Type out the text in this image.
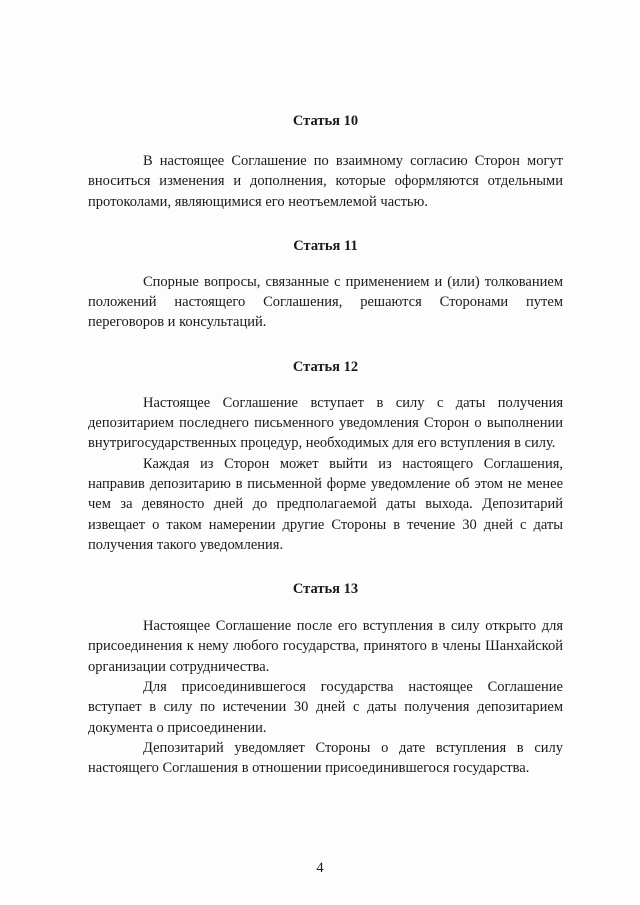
Статья 10

В настоящее Соглашение по взаимному согласию Сторон могут вноситься изменения и дополнения, которые оформляются отдельными протоколами, являющимися его неотъемлемой частью.

Статья 11

Спорные вопросы, связанные с применением и (или) толкованием положений настоящего Соглашения, решаются Сторонами путем переговоров и консультаций.

Статья 12

Настоящее Соглашение вступает в силу с даты получения депозитарием последнего письменного уведомления Сторон о выполнении внутригосударственных процедур, необходимых для его вступления в силу.

Каждая из Сторон может выйти из настоящего Соглашения, направив депозитарию в письменной форме уведомление об этом не менее чем за девяносто дней до предполагаемой даты выхода. Депозитарий извещает о таком намерении другие Стороны в течение 30 дней с даты получения такого уведомления.

Статья 13

Настоящее Соглашение после его вступления в силу открыто для присоединения к нему любого государства, принятого в члены Шанхайской организации сотрудничества.

Для присоединившегося государства настоящее Соглашение вступает в силу по истечении 30 дней с даты получения депозитарием документа о присоединении.

Депозитарий уведомляет Стороны о дате вступления в силу настоящего Соглашения в отношении присоединившегося государства.

4
